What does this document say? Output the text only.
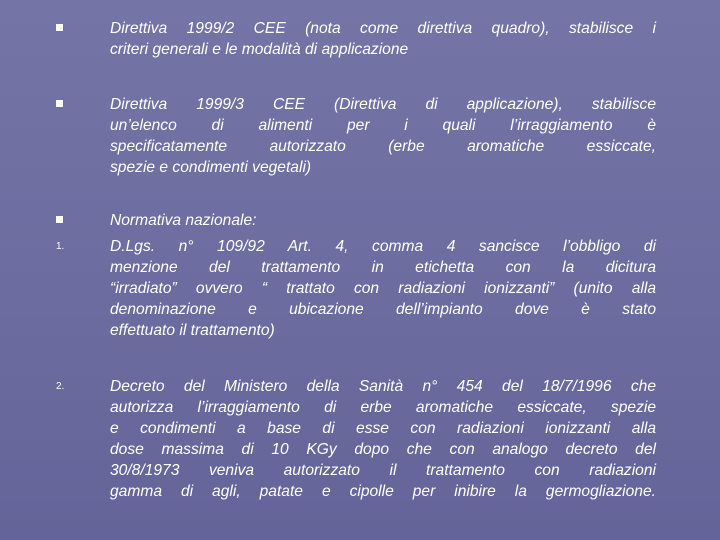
Direttiva 1999/2 CEE (nota come direttiva quadro), stabilisce i
criteri generali e le modalità di applicazione
Direttiva 1999/3 CEE (Direttiva di applicazione), stabilisce
un’elenco di alimenti per i quali l’irraggiamento è
specificatamente autorizzato (erbe aromatiche essiccate,
spezie e condimenti vegetali)
Normativa nazionale:
1.	D.Lgs. n° 109/92 Art. 4, comma 4 sancisce l’obbligo di
menzione del trattamento in etichetta con la dicitura
“irradiato” ovvero “ trattato con radiazioni ionizzanti” (unito alla
denominazione e ubicazione dell’impianto dove è stato
effettuato il trattamento)
2.	Decreto del Ministero della Sanità n° 454 del 18/7/1996 che
autorizza l’irraggiamento di erbe aromatiche essiccate, spezie
e condimenti a base di esse con radiazioni ionizzanti alla
dose massima di 10 KGy dopo che con analogo decreto del
30/8/1973 veniva autorizzato il trattamento con radiazioni
gamma di agli, patate e cipolle per inibire la germogliazione.
